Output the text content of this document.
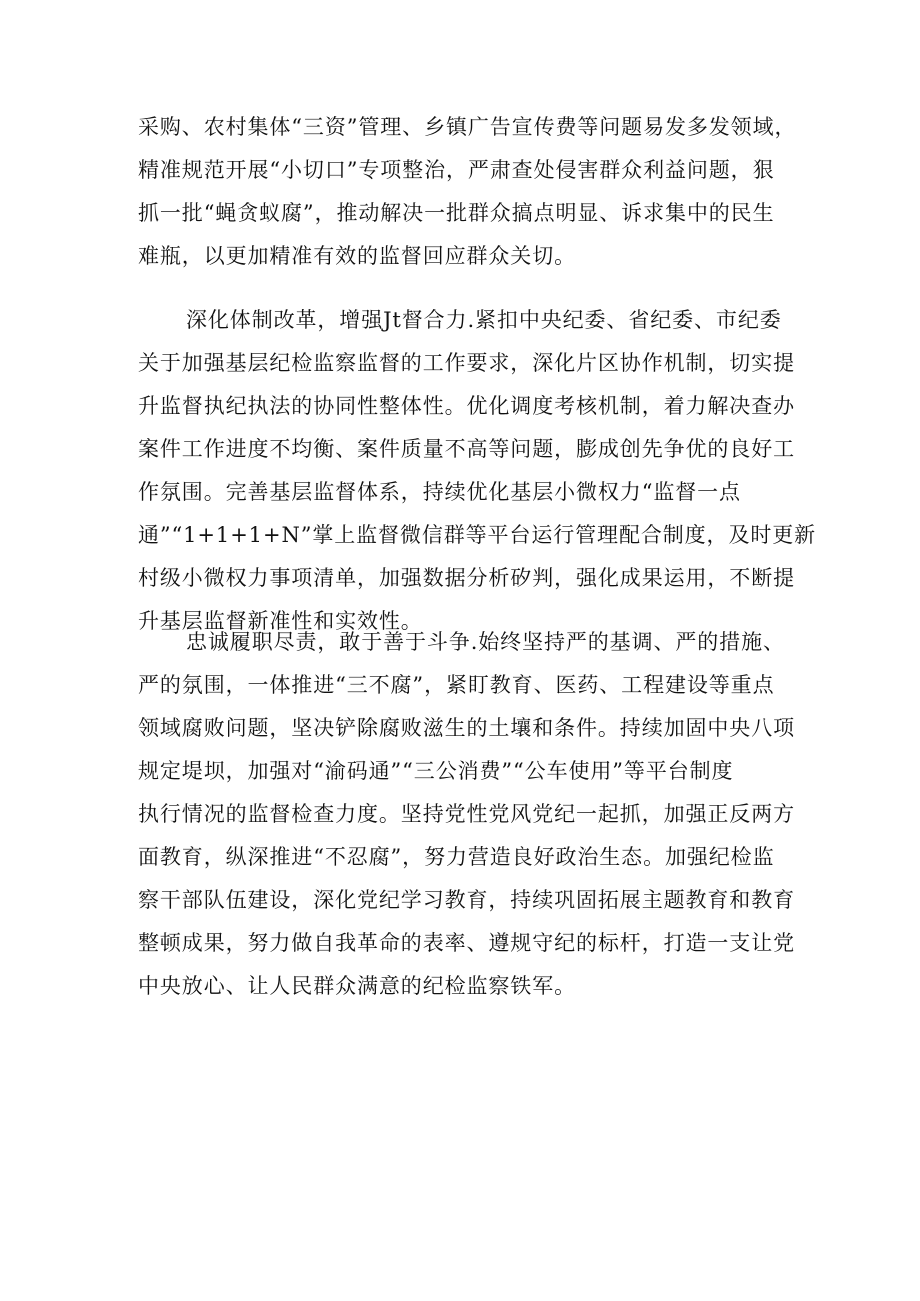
采购、农村集体“三资”管理、乡镇广告宣传费等问题易发多发领域，
精准规范开展“小切口”专项整治，严肃查处侵害群众利益问题，狠
抓一批“蝇贪蚁腐”，推动解决一批群众搞点明显、诉求集中的民生
难瓶，以更加精准有效的监督回应群众关切。
深化体制改革，增强Jt督合力.紧扣中央纪委、省纪委、市纪委
关于加强基层纪检监察监督的工作要求，深化片区协作机制，切实提
升监督执纪执法的协同性整体性。优化调度考核机制，着力解决查办
案件工作进度不均衡、案件质量不高等问题，膨成创先争优的良好工
作氛围。完善基层监督体系，持续优化基层小微权力“监督一点
通”“1+1+1+N”掌上监督微信群等平台运行管理配合制度，及时更新
村级小微权力事项清单，加强数据分析矽判，强化成果运用，不断提
升基层监督新准性和实效性。
忠诚履职尽责，敢于善于斗争.始终坚持严的基调、严的措施、
严的氛围，一体推进“三不腐”，紧盯教育、医药、工程建设等重点
领域腐败问题，坚决铲除腐败滋生的土壤和条件。持续加固中央八项
规定堤坝，加强对“渝码通”“三公消费”“公车使用”等平台制度
执行情况的监督检查力度。坚持党性党风党纪一起抓，加强正反两方
面教育，纵深推进“不忍腐”，努力营造良好政治生态。加强纪检监
察干部队伍建设，深化党纪学习教育，持续巩固拓展主题教育和教育
整顿成果，努力做自我革命的表率、遵规守纪的标杆，打造一支让党
中央放心、让人民群众满意的纪检监察铁军。
